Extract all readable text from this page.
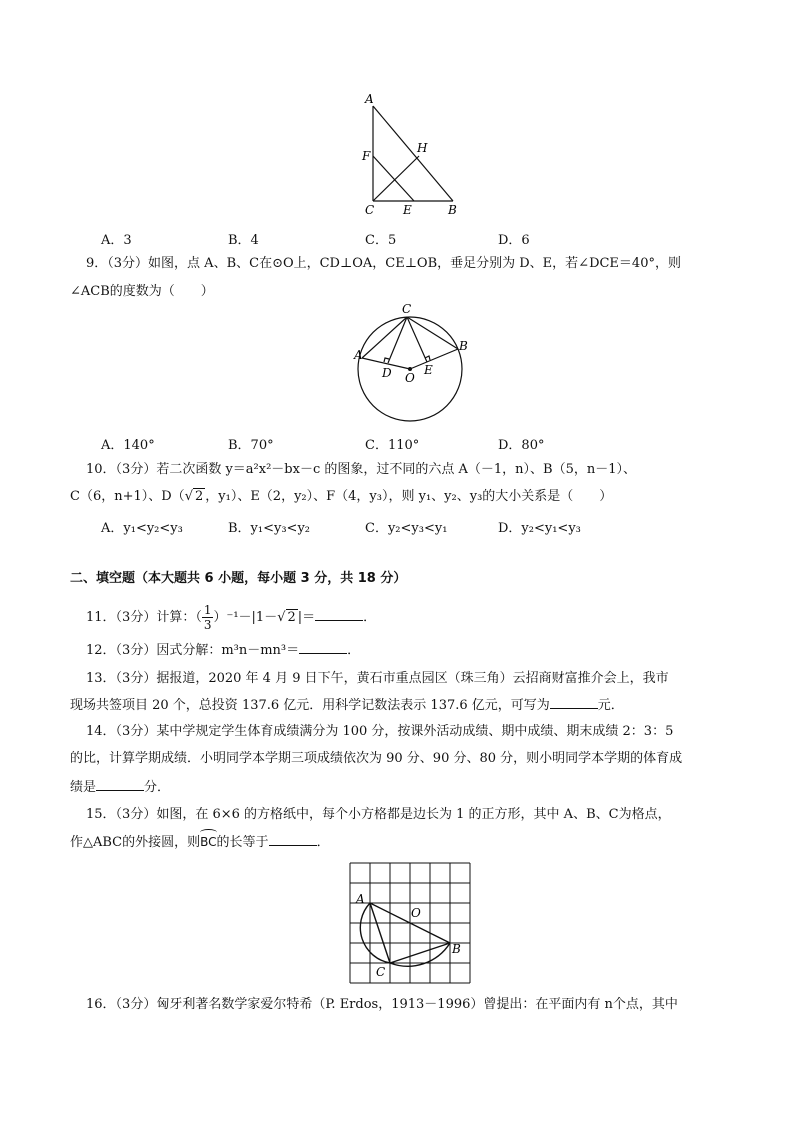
A
F
H
C E	B
A．3	B．4	C．5	D．6
9．（3分）如图，点 A、B、C在⊙O上，CD⊥OA，CE⊥OB，垂足分别为 D、E，若∠DCE＝40°，则
∠ACB的度数为（　　）
A
B
C
D	E
O
A．140°	B．70°	C．110°	D．80°
10．（3分）若二次函数 y＝a²x²－bx－c 的图象，过不同的六点 A（－1，n）、B（5，n－1）、
C（6，n+1）、D（√ 2 ，y₁）、E（2，y₂）、F（4，y₃），则 y₁、y₂、y₃的大小关系是（　　）
A．y₁<y₂<y₃	B．y₁<y₃<y₂	C．y₂<y₃<y₁	D．y₂<y₁<y₃
二、填空题（本大题共 6 小题，每小题 3 分，共 18 分）
11．（3分）计算：（ $\frac{1}{3} )^{-1}-|1-√$ 2 |＝	．
12．（3分）因式分解：m³n－mn³＝	．
13．（3分）据报道，2020 年 4 月 9 日下午，黄石市重点园区（珠三角）云招商财富推介会上，我市
现场共签项目 20 个，总投资 137.6 亿元．用科学记数法表示 137.6 亿元，可写为	元．
14．（3分）某中学规定学生体育成绩满分为 100 分，按课外活动成绩、期中成绩、期末成绩 2：3：5
的比，计算学期成绩．小明同学本学期三项成绩依次为 90 分、90 分、80 分，则小明同学本学期的体育成
绩是	分．
15．（3分）如图，在 6×6 的方格纸中，每个小方格都是边长为 1 的正方形，其中 A、B、C为格点，
作△ABC的外接圆，则
BC的长等于	．
A
B
C
O
16．（3分）匈牙利著名数学家爱尔特希（P. Erdos，1913－1996）曾提出：在平面内有 n个点，其中
